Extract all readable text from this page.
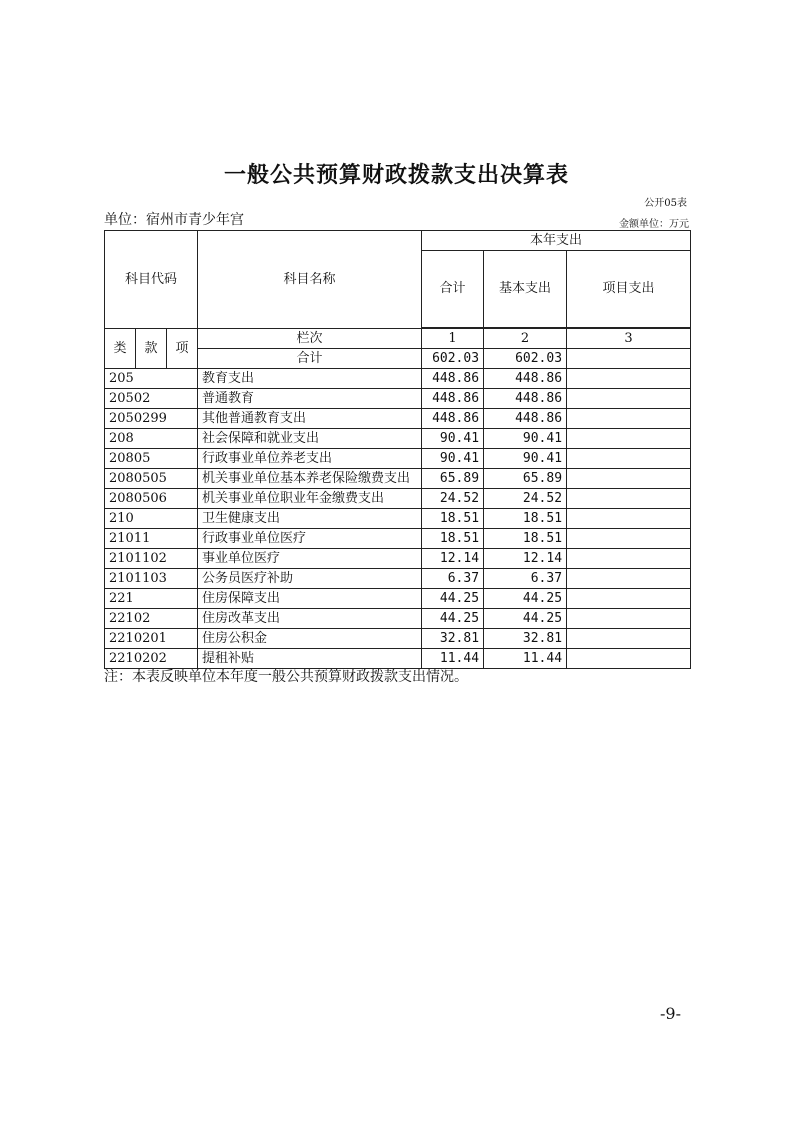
一般公共预算财政拨款支出决算表
公开05表
单位：宿州市青少年宫	金额单位：万元
科目代码			科目名称	本年支出		
				合计	基本支出	项目支出

类	款	项	栏次	1	2	3
			合计	602.03	602.03	
205			教育支出	448.86	448.86	
20502			普通教育	448.86	448.86	
2050299			其他普通教育支出	448.86	448.86	
208			社会保障和就业支出	90.41	90.41	
20805			行政事业单位养老支出	90.41	90.41	
2080505			机关事业单位基本养老保险缴费支出	65.89	65.89	
2080506			机关事业单位职业年金缴费支出	24.52	24.52	
210			卫生健康支出	18.51	18.51	
21011			行政事业单位医疗	18.51	18.51	
2101102			事业单位医疗	12.14	12.14	
2101103			公务员医疗补助	6.37	6.37	
221			住房保障支出	44.25	44.25	
22102			住房改革支出	44.25	44.25	
2210201			住房公积金	32.81	32.81	
2210202			提租补贴	11.44	11.44	
注：本表反映单位本年度一般公共预算财政拨款支出情况。
-9-
